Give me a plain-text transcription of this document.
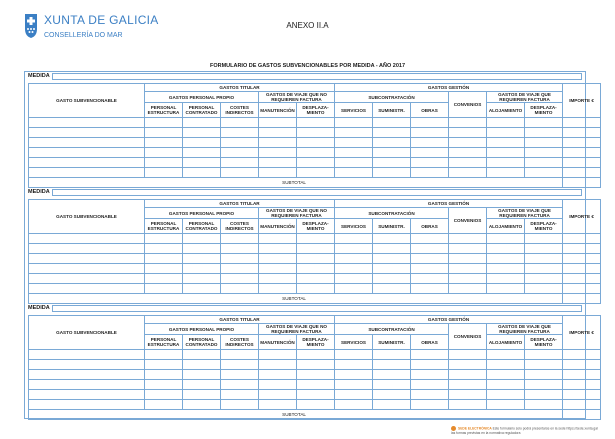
XUNTA DE GALICIA
CONSELLERÍA DO MAR
ANEXO II.A
FORMULARIO DE GASTOS SUBVENCIONABLES POR MEDIDA - AÑO 2017
MEDIDA
GASTO SUBVENCIONABLE	GASTOS TITULAR					GASTOS GESTIÓN						IMPORTE €
	GASTOS PERSONAL PROPIO			GASTOS DE VIAJE QUE NO REQUIEREN FACTURA		SUBCONTRATACIÓN			CONVENIOS	GASTOS DE VIAJE QUE REQUIEREN FACTURA		
	PERSONAL ESTRUCTURA	PERSONAL CONTRATADO	COSTES INDIRECTOS	MANUTENCIÓN	DESPLAZA-MIENTO	SERVICIOS	SUMINISTR.	OBRAS		ALOJAMIENTO	DESPLAZA-MIENTO	

SUBTOTAL												
MEDIDA
GASTO SUBVENCIONABLE	GASTOS TITULAR					GASTOS GESTIÓN						IMPORTE €
	GASTOS PERSONAL PROPIO			GASTOS DE VIAJE QUE NO REQUIEREN FACTURA		SUBCONTRATACIÓN			CONVENIOS	GASTOS DE VIAJE QUE REQUIEREN FACTURA		
	PERSONAL ESTRUCTURA	PERSONAL CONTRATADO	COSTES INDIRECTOS	MANUTENCIÓN	DESPLAZA-MIENTO	SERVICIOS	SUMINISTR.	OBRAS		ALOJAMIENTO	DESPLAZA-MIENTO	

SUBTOTAL												
MEDIDA
GASTO SUBVENCIONABLE	GASTOS TITULAR					GASTOS GESTIÓN						IMPORTE €
	GASTOS PERSONAL PROPIO			GASTOS DE VIAJE QUE NO REQUIEREN FACTURA		SUBCONTRATACIÓN			CONVENIOS	GASTOS DE VIAJE QUE REQUIEREN FACTURA		
	PERSONAL ESTRUCTURA	PERSONAL CONTRATADO	COSTES INDIRECTOS	MANUTENCIÓN	DESPLAZA-MIENTO	SERVICIOS	SUMINISTR.	OBRAS		ALOJAMIENTO	DESPLAZA-MIENTO	

SUBTOTAL												
SEDE ELECTRÓNICA Este formulario solo podrá presentarse en la sede https://sede.xunta.gal las formas previstas en la normativa reguladora
